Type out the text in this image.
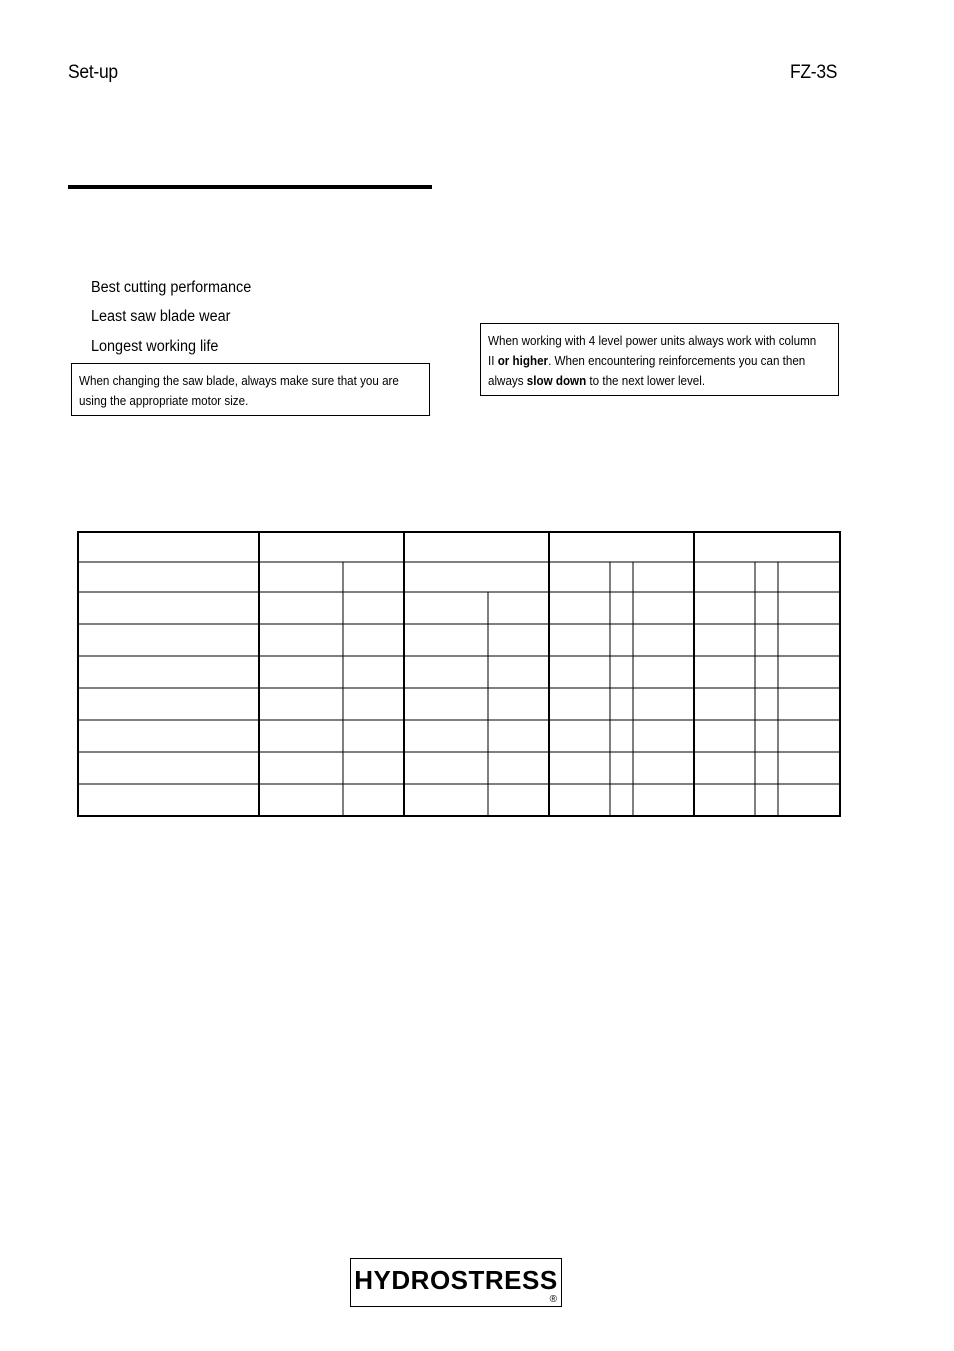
Set-up	FZ-3S
Best cutting performance
Least saw blade wear
Longest working life
When changing the saw blade, always make sure that you are
using the appropriate motor size.
When working with 4 level power units always work with column
II or higher. When encountering reinforcements you can then
always slow down to the next lower level.
HYDROSTRESS
®
